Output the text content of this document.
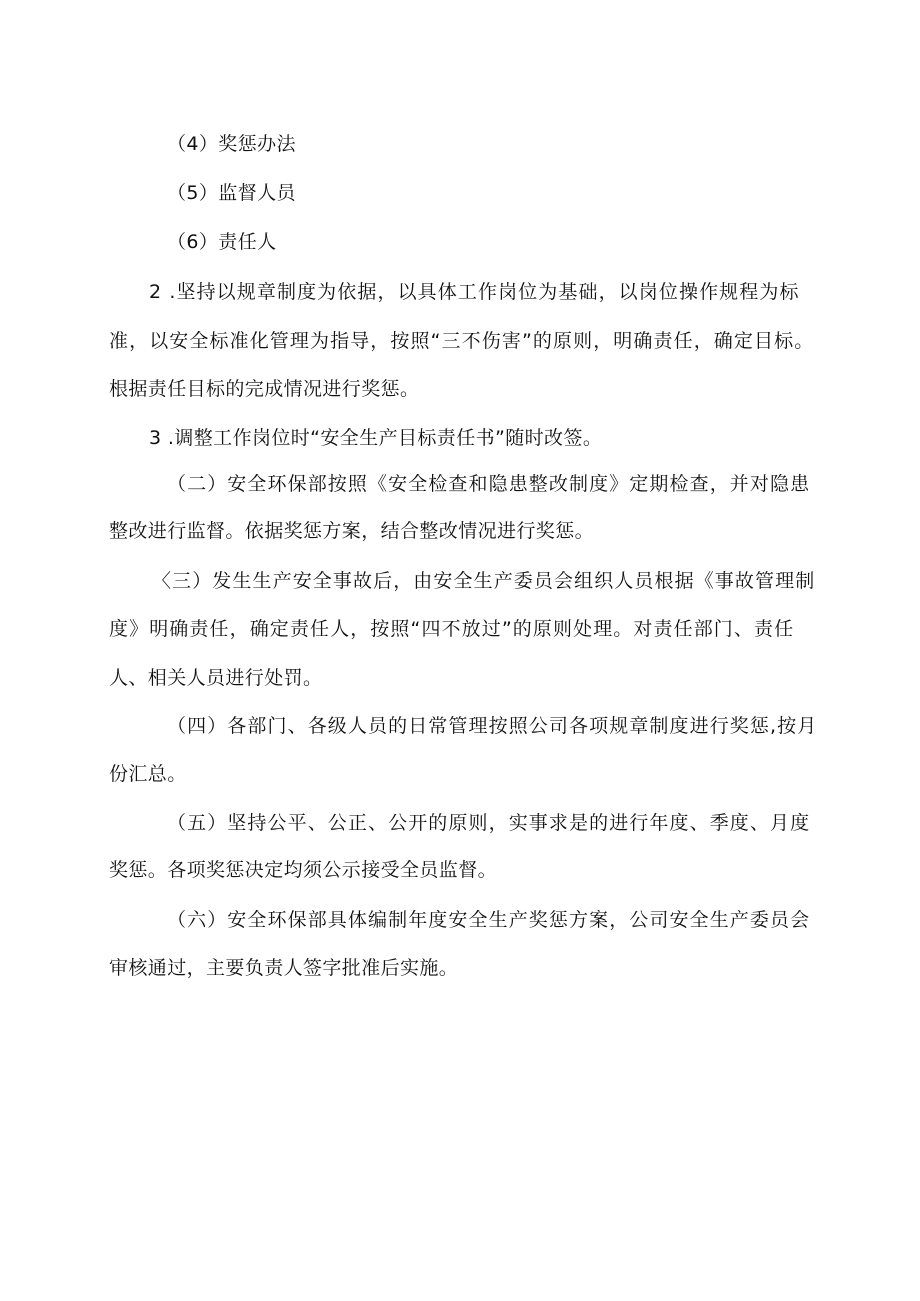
（4）奖惩办法
（5）监督人员
（6）责任人
2 .坚持以规章制度为依据，以具体工作岗位为基础，以岗位操作规程为标
准，以安全标准化管理为指导，按照“三不伤害”的原则，明确责任，确定目标。
根据责任目标的完成情况进行奖惩。
3 .调整工作岗位时“安全生产目标责任书”随时改签。
（二）安全环保部按照《安全检查和隐患整改制度》定期检查，并对隐患
整改进行监督。依据奖惩方案，结合整改情况进行奖惩。
〈三）发生生产安全事故后，由安全生产委员会组织人员根据《事故管理制
度》明确责任，确定责任人，按照“四不放过”的原则处理。对责任部门、责任
人、相关人员进行处罚。
（四）各部门、各级人员的日常管理按照公司各项规章制度进行奖惩,按月
份汇总。
（五）坚持公平、公正、公开的原则，实事求是的进行年度、季度、月度
奖惩。各项奖惩决定均须公示接受全员监督。
（六）安全环保部具体编制年度安全生产奖惩方案，公司安全生产委员会
审核通过，主要负责人签字批准后实施。
